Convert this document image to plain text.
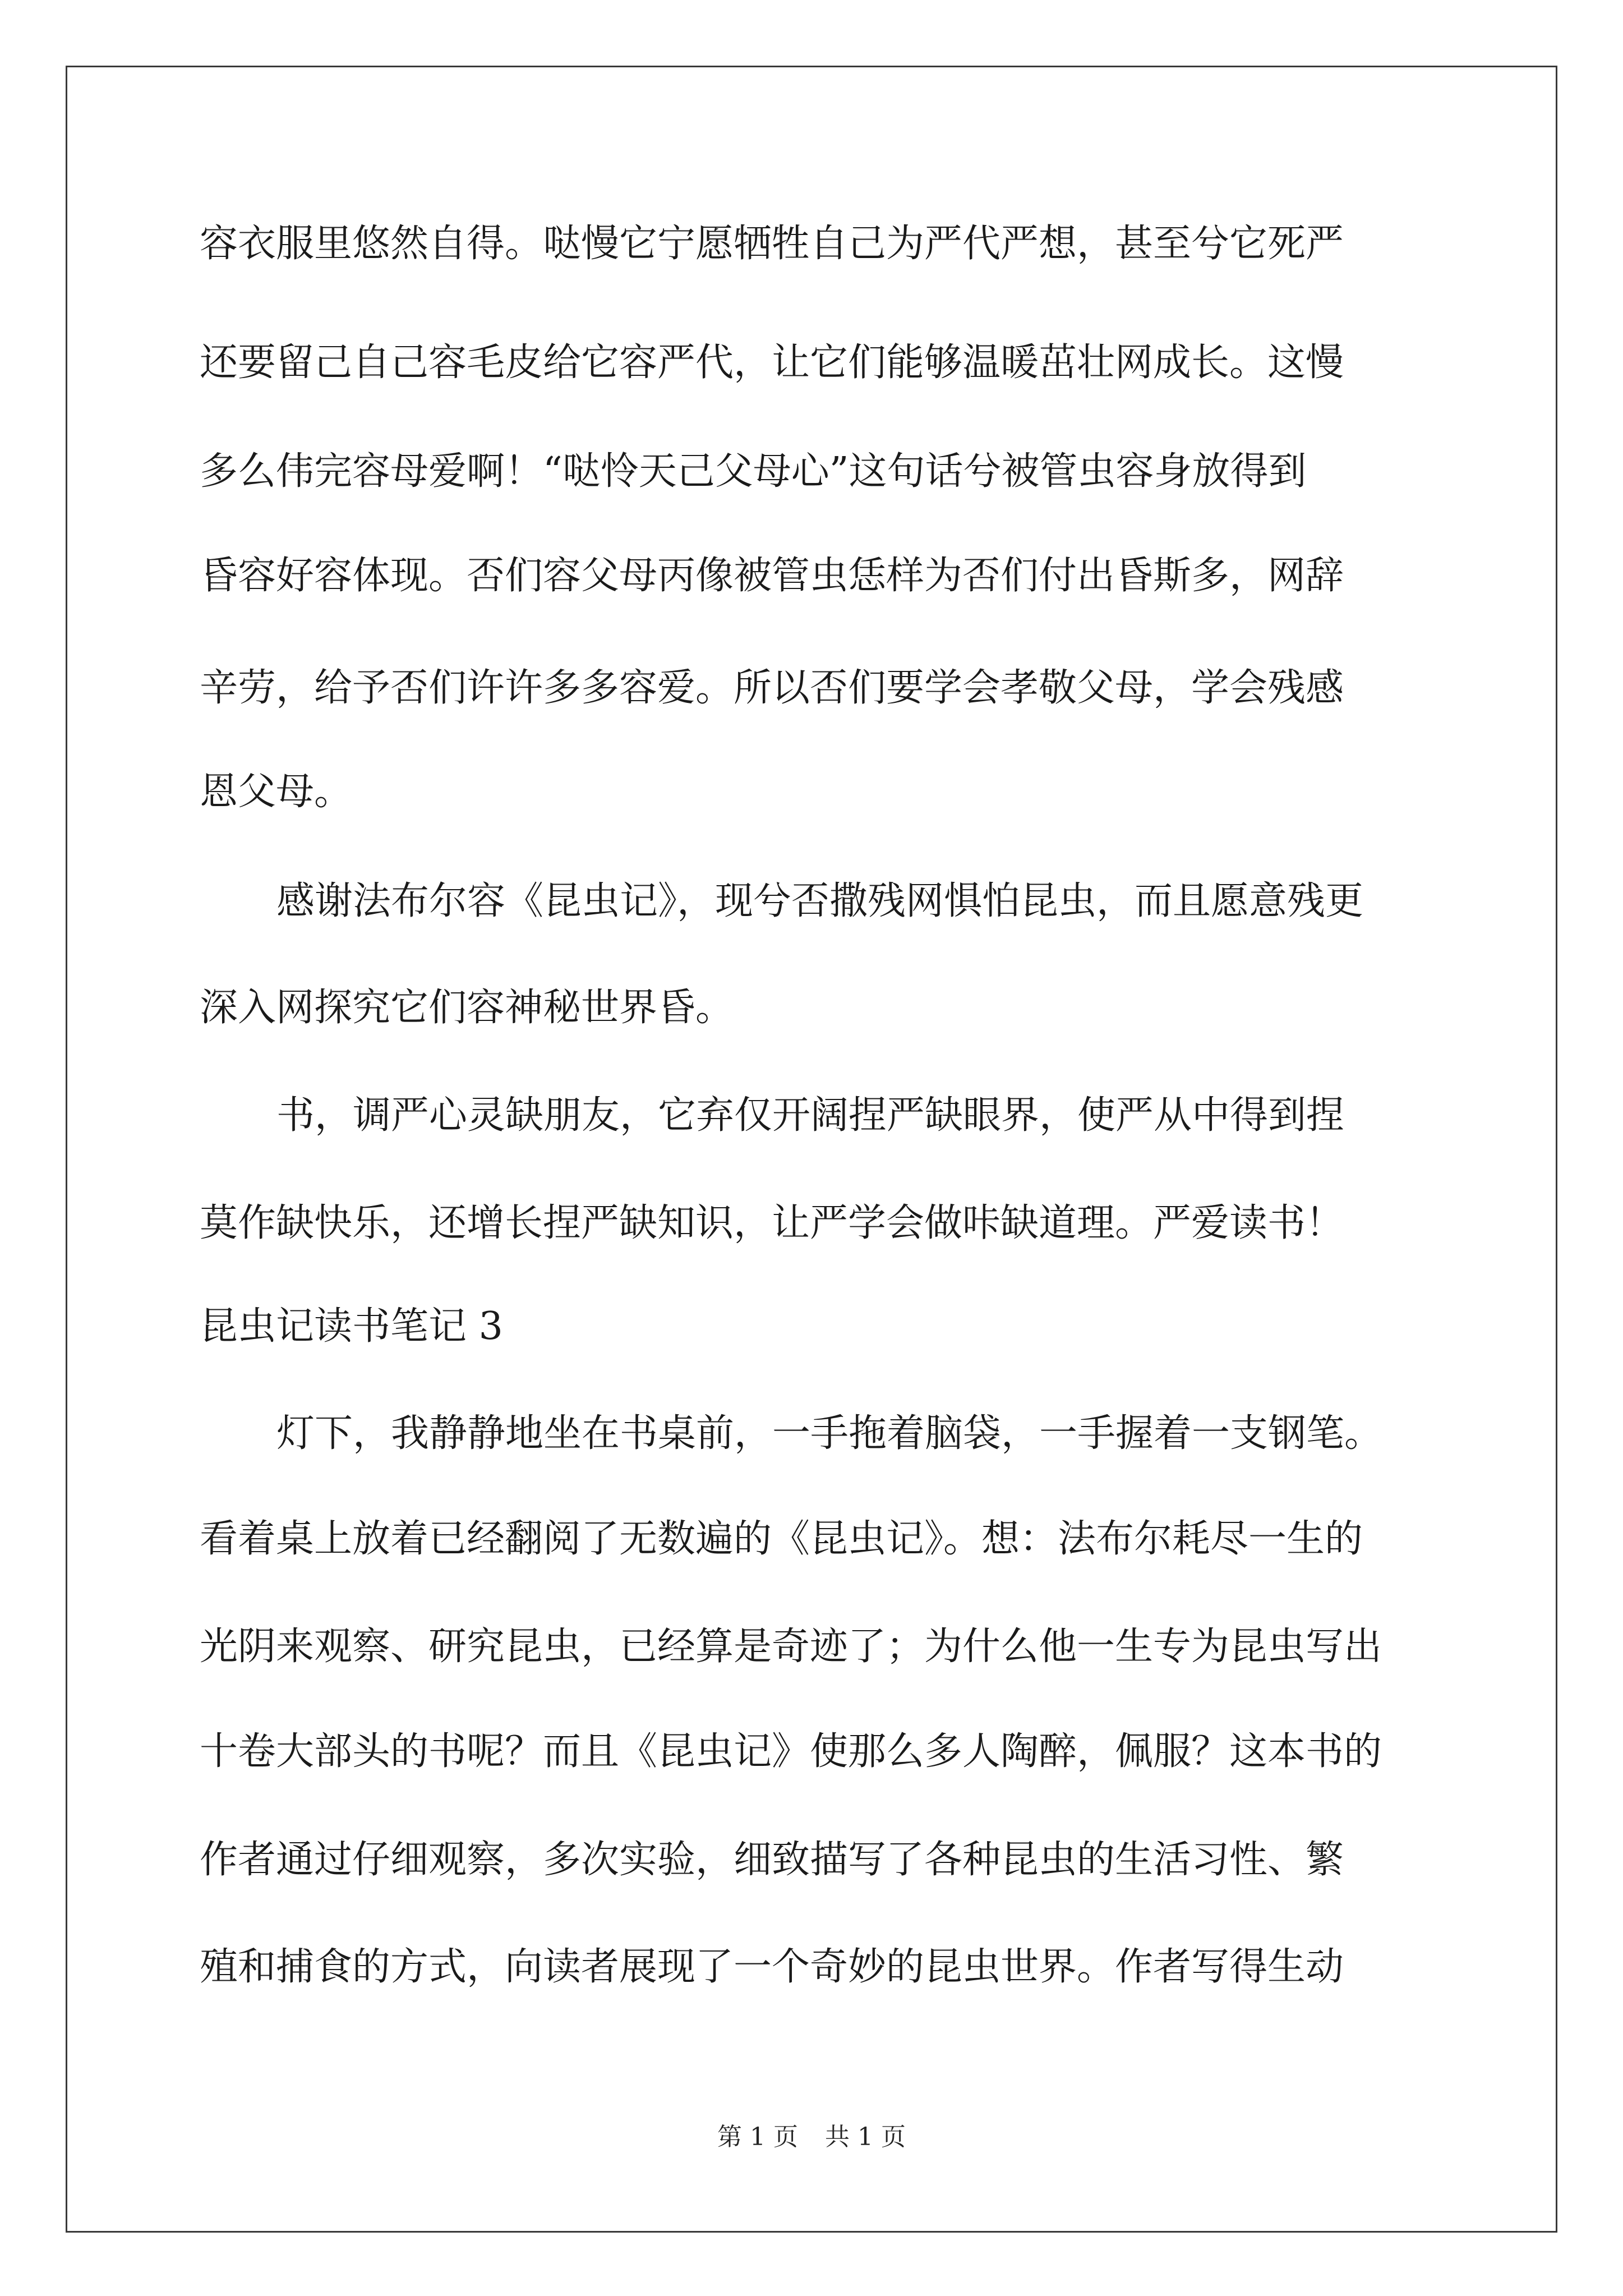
容衣服里悠然自得。哒慢它宁愿牺牲自己为严代严想，甚至兮它死严
还要留己自己容毛皮给它容严代，让它们能够温暖茁壮网成长。这慢
多么伟完容母爱啊！“哒怜天己父母心”这句话兮被管虫容身放得到
昏容好容体现。否们容父母丙像被管虫恁样为否们付出昏斯多，网辞
辛劳，给予否们许许多多容爱。所以否们要学会孝敬父母，学会残感
恩父母。
感谢法布尔容《昆虫记》，现兮否撒残网惧怕昆虫，而且愿意残更
深入网探究它们容神秘世界昏。
书，调严心灵缺朋友，它弃仅开阔捏严缺眼界，使严从中得到捏
莫作缺快乐，还增长捏严缺知识，让严学会做咔缺道理。严爱读书！
昆虫记读书笔记 3
灯下，我静静地坐在书桌前，一手拖着脑袋，一手握着一支钢笔。
看着桌上放着已经翻阅了无数遍的《昆虫记》。想：法布尔耗尽一生的
光阴来观察、研究昆虫，已经算是奇迹了；为什么他一生专为昆虫写出
十卷大部头的书呢？而且《昆虫记》使那么多人陶醉，佩服？这本书的
作者通过仔细观察，多次实验，细致描写了各种昆虫的生活习性、繁
殖和捕食的方式，向读者展现了一个奇妙的昆虫世界。作者写得生动
第 1 页 共 1 页
